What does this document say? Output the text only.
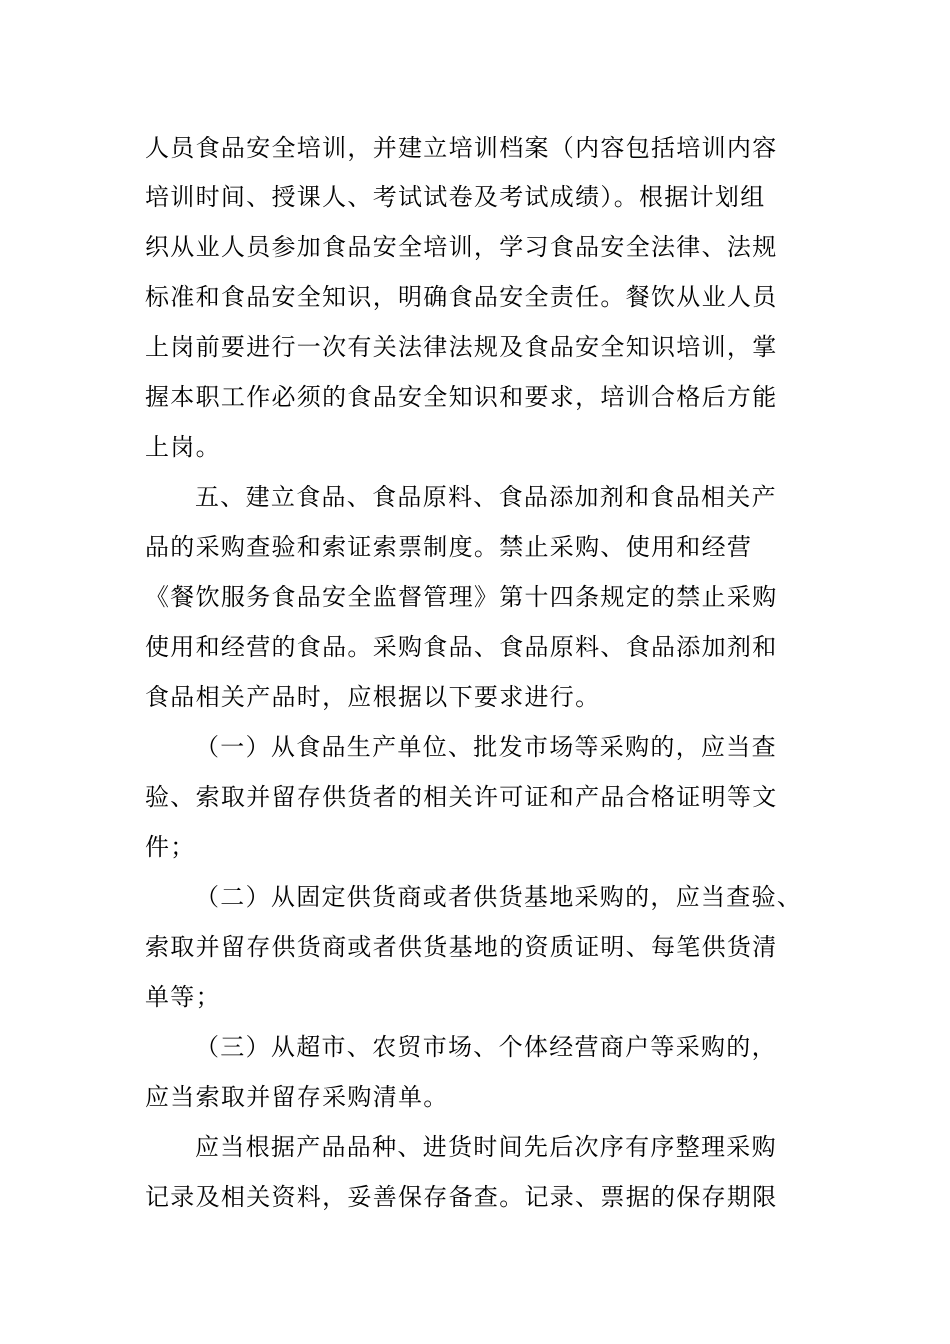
人员食品安全培训，并建立培训档案（内容包括培训内容
培训时间、授课人、考试试卷及考试成绩）。根据计划组
织从业人员参加食品安全培训，学习食品安全法律、法规
标准和食品安全知识，明确食品安全责任。餐饮从业人员
上岗前要进行一次有关法律法规及食品安全知识培训，掌
握本职工作必须的食品安全知识和要求，培训合格后方能
上岗。
五、建立食品、食品原料、食品添加剂和食品相关产
品的采购查验和索证索票制度。禁止采购、使用和经营
《餐饮服务食品安全监督管理》第十四条规定的禁止采购
使用和经营的食品。采购食品、食品原料、食品添加剂和
食品相关产品时，应根据以下要求进行。
（一）从食品生产单位、批发市场等采购的，应当查
验、索取并留存供货者的相关许可证和产品合格证明等文
件；
（二）从固定供货商或者供货基地采购的，应当查验、
索取并留存供货商或者供货基地的资质证明、每笔供货清
单等；
（三）从超市、农贸市场、个体经营商户等采购的，
应当索取并留存采购清单。
应当根据产品品种、进货时间先后次序有序整理采购
记录及相关资料，妥善保存备查。记录、票据的保存期限
